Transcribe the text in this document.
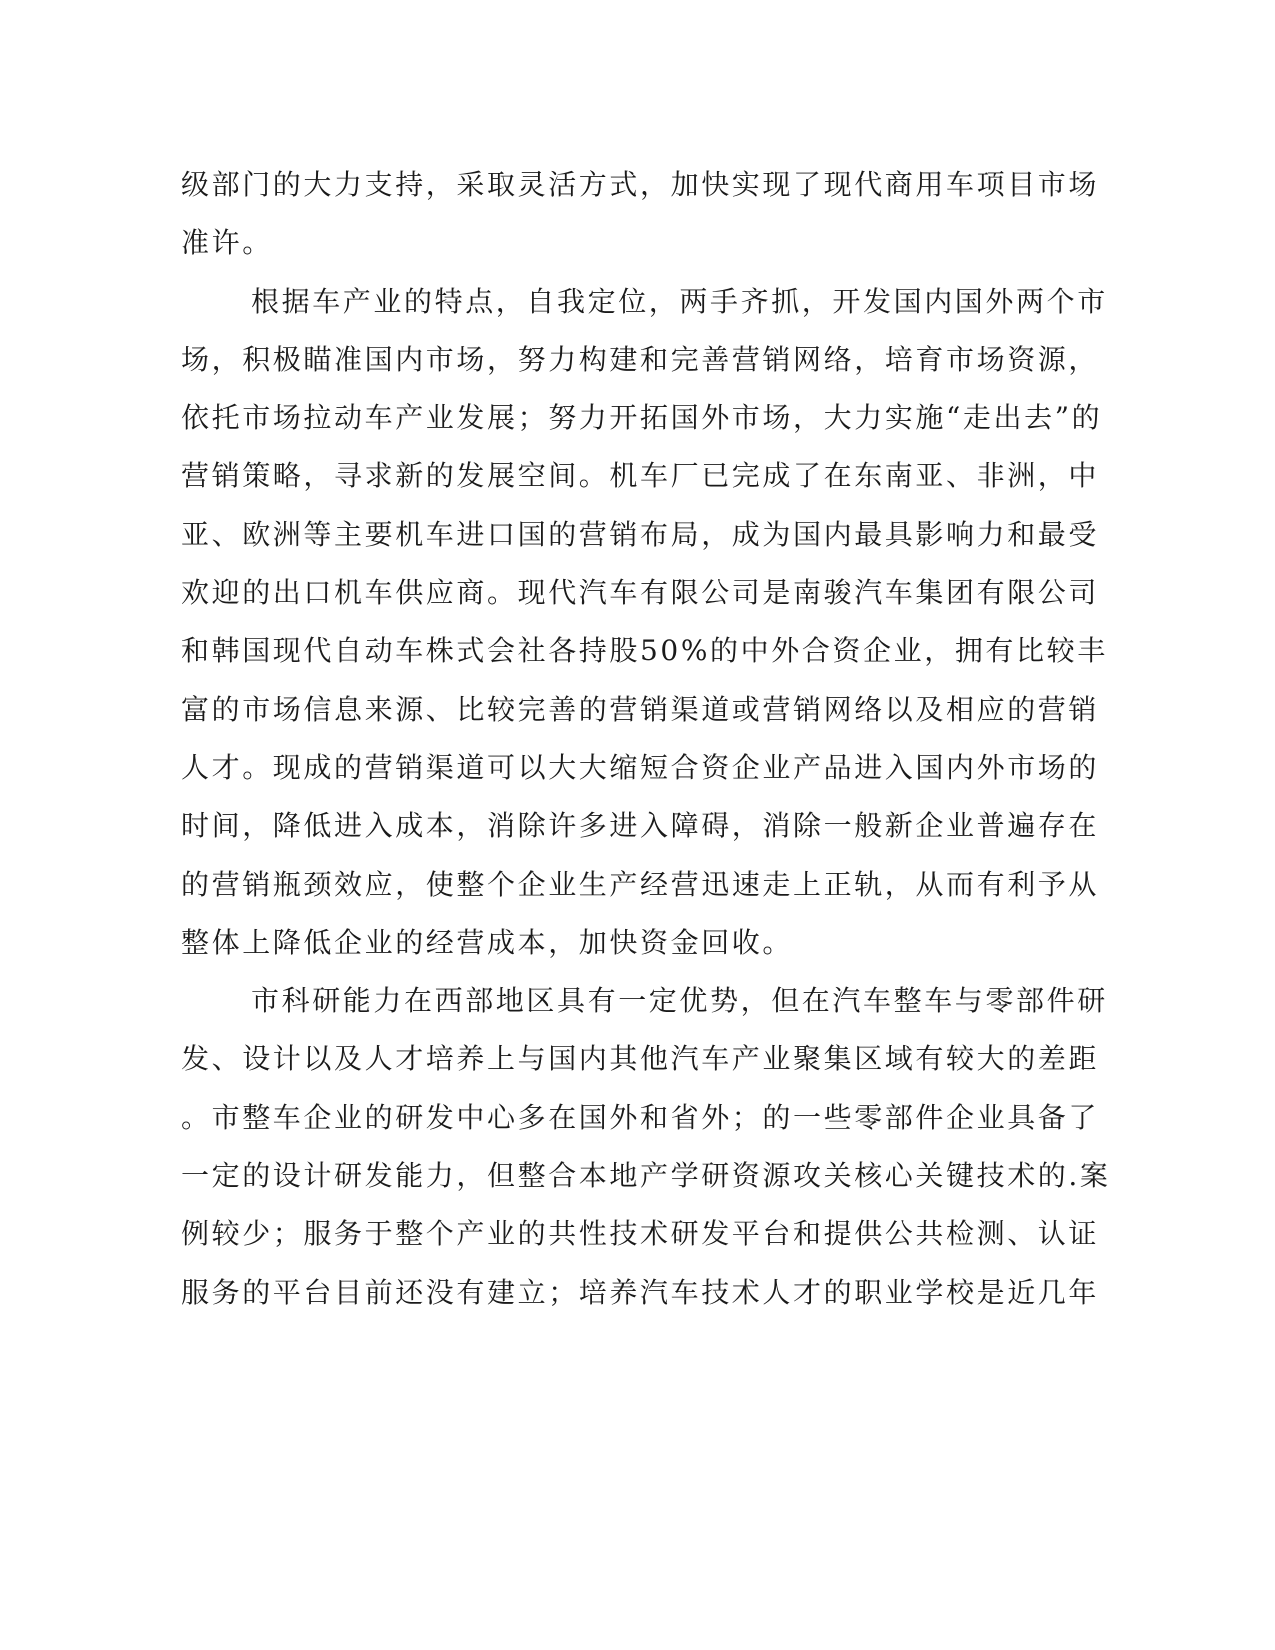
级部门的大力支持，采取灵活方式，加快实现了现代商用车项目市场
准许。
根据车产业的特点，自我定位，两手齐抓，开发国内国外两个市
场，积极瞄准国内市场，努力构建和完善营销网络，培育市场资源，
依托市场拉动车产业发展；努力开拓国外市场，大力实施“走出去”的
营销策略，寻求新的发展空间。机车厂已完成了在东南亚、非洲，中
亚、欧洲等主要机车进口国的营销布局，成为国内最具影响力和最受
欢迎的出口机车供应商。现代汽车有限公司是南骏汽车集团有限公司
和韩国现代自动车株式会社各持股50%的中外合资企业，拥有比较丰
富的市场信息来源、比较完善的营销渠道或营销网络以及相应的营销
人才。现成的营销渠道可以大大缩短合资企业产品进入国内外市场的
时间，降低进入成本，消除许多进入障碍，消除一般新企业普遍存在
的营销瓶颈效应，使整个企业生产经营迅速走上正轨，从而有利予从
整体上降低企业的经营成本，加快资金回收。
市科研能力在西部地区具有一定优势，但在汽车整车与零部件研
发、设计以及人才培养上与国内其他汽车产业聚集区域有较大的差距
。市整车企业的研发中心多在国外和省外；的一些零部件企业具备了
一定的设计研发能力，但整合本地产学研资源攻关核心关键技术的.案
例较少；服务于整个产业的共性技术研发平台和提供公共检测、认证
服务的平台目前还没有建立；培养汽车技术人才的职业学校是近几年
